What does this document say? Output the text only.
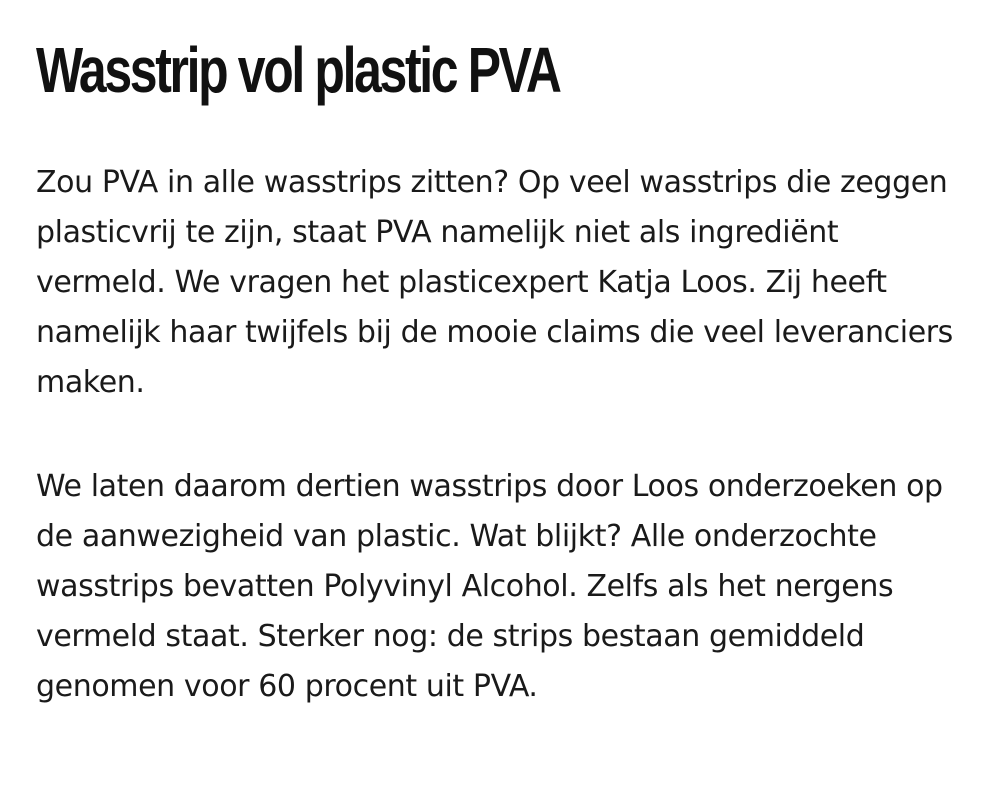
Wasstrip vol plastic PVA

Zou PVA in alle wasstrips zitten? Op veel wasstrips die zeggen plasticvrij te zijn, staat PVA namelijk niet als ingrediënt vermeld. We vragen het plasticexpert Katja Loos. Zij heeft namelijk haar twijfels bij de mooie claims die veel leveranciers maken.

We laten daarom dertien wasstrips door Loos onderzoeken op de aanwezigheid van plastic. Wat blijkt? Alle onderzochte wasstrips bevatten Polyvinyl Alcohol. Zelfs als het nergens vermeld staat. Sterker nog: de strips bestaan gemiddeld genomen voor 60 procent uit PVA.
